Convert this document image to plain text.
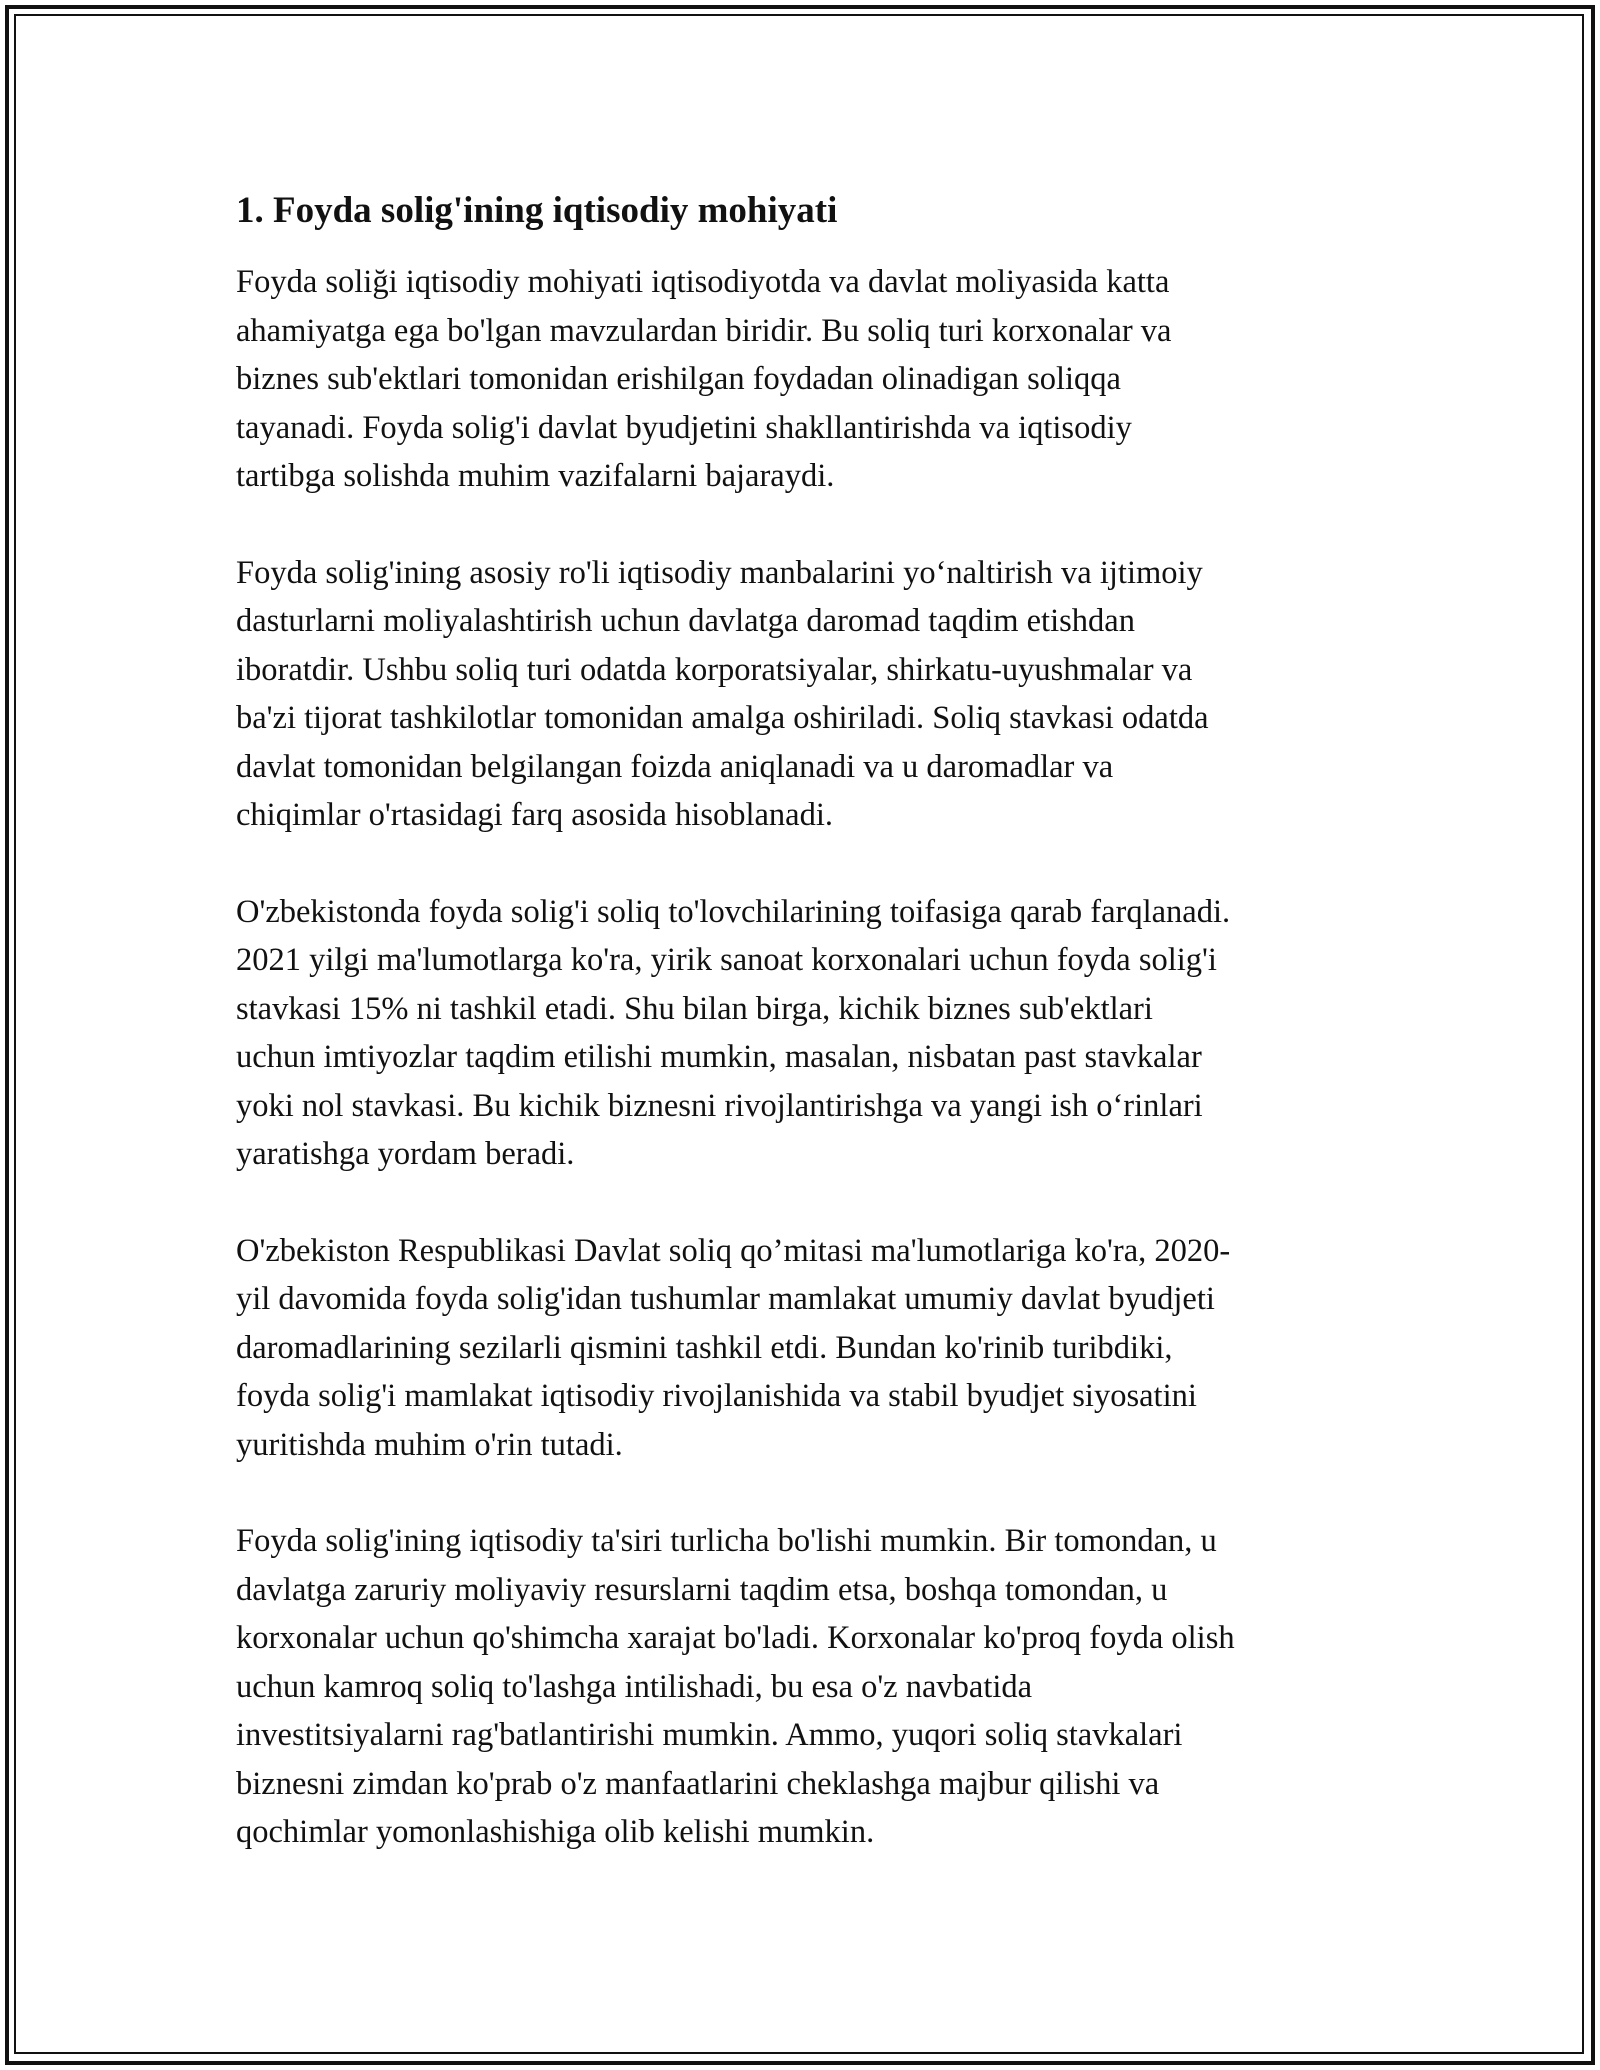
1. Foyda solig'ining iqtisodiy mohiyati

Foyda soliği iqtisodiy mohiyati iqtisodiyotda va davlat moliyasida katta
ahamiyatga ega bo'lgan mavzulardan biridir. Bu soliq turi korxonalar va
biznes sub'ektlari tomonidan erishilgan foydadan olinadigan soliqqa
tayanadi. Foyda solig'i davlat byudjetini shakllantirishda va iqtisodiy
tartibga solishda muhim vazifalarni bajaraydi.

Foyda solig'ining asosiy ro'li iqtisodiy manbalarini yoʻnaltirish va ijtimoiy
dasturlarni moliyalashtirish uchun davlatga daromad taqdim etishdan
iboratdir. Ushbu soliq turi odatda korporatsiyalar, shirkatu-uyushmalar va
ba'zi tijorat tashkilotlar tomonidan amalga oshiriladi. Soliq stavkasi odatda
davlat tomonidan belgilangan foizda aniqlanadi va u daromadlar va
chiqimlar o'rtasidagi farq asosida hisoblanadi.

O'zbekistonda foyda solig'i soliq to'lovchilarining toifasiga qarab farqlanadi.
2021 yilgi ma'lumotlarga ko'ra, yirik sanoat korxonalari uchun foyda solig'i
stavkasi 15% ni tashkil etadi. Shu bilan birga, kichik biznes sub'ektlari
uchun imtiyozlar taqdim etilishi mumkin, masalan, nisbatan past stavkalar
yoki nol stavkasi. Bu kichik biznesni rivojlantirishga va yangi ish oʻrinlari
yaratishga yordam beradi.

O'zbekiston Respublikasi Davlat soliq qo’mitasi ma'lumotlariga ko'ra, 2020-
yil davomida foyda solig'idan tushumlar mamlakat umumiy davlat byudjeti
daromadlarining sezilarli qismini tashkil etdi. Bundan ko'rinib turibdiki,
foyda solig'i mamlakat iqtisodiy rivojlanishida va stabil byudjet siyosatini
yuritishda muhim o'rin tutadi.

Foyda solig'ining iqtisodiy ta'siri turlicha bo'lishi mumkin. Bir tomondan, u
davlatga zaruriy moliyaviy resurslarni taqdim etsa, boshqa tomondan, u
korxonalar uchun qo'shimcha xarajat bo'ladi. Korxonalar ko'proq foyda olish
uchun kamroq soliq to'lashga intilishadi, bu esa o'z navbatida
investitsiyalarni rag'batlantirishi mumkin. Ammo, yuqori soliq stavkalari
biznesni zimdan ko'prab o'z manfaatlarini cheklashga majbur qilishi va
qochimlar yomonlashishiga olib kelishi mumkin.
